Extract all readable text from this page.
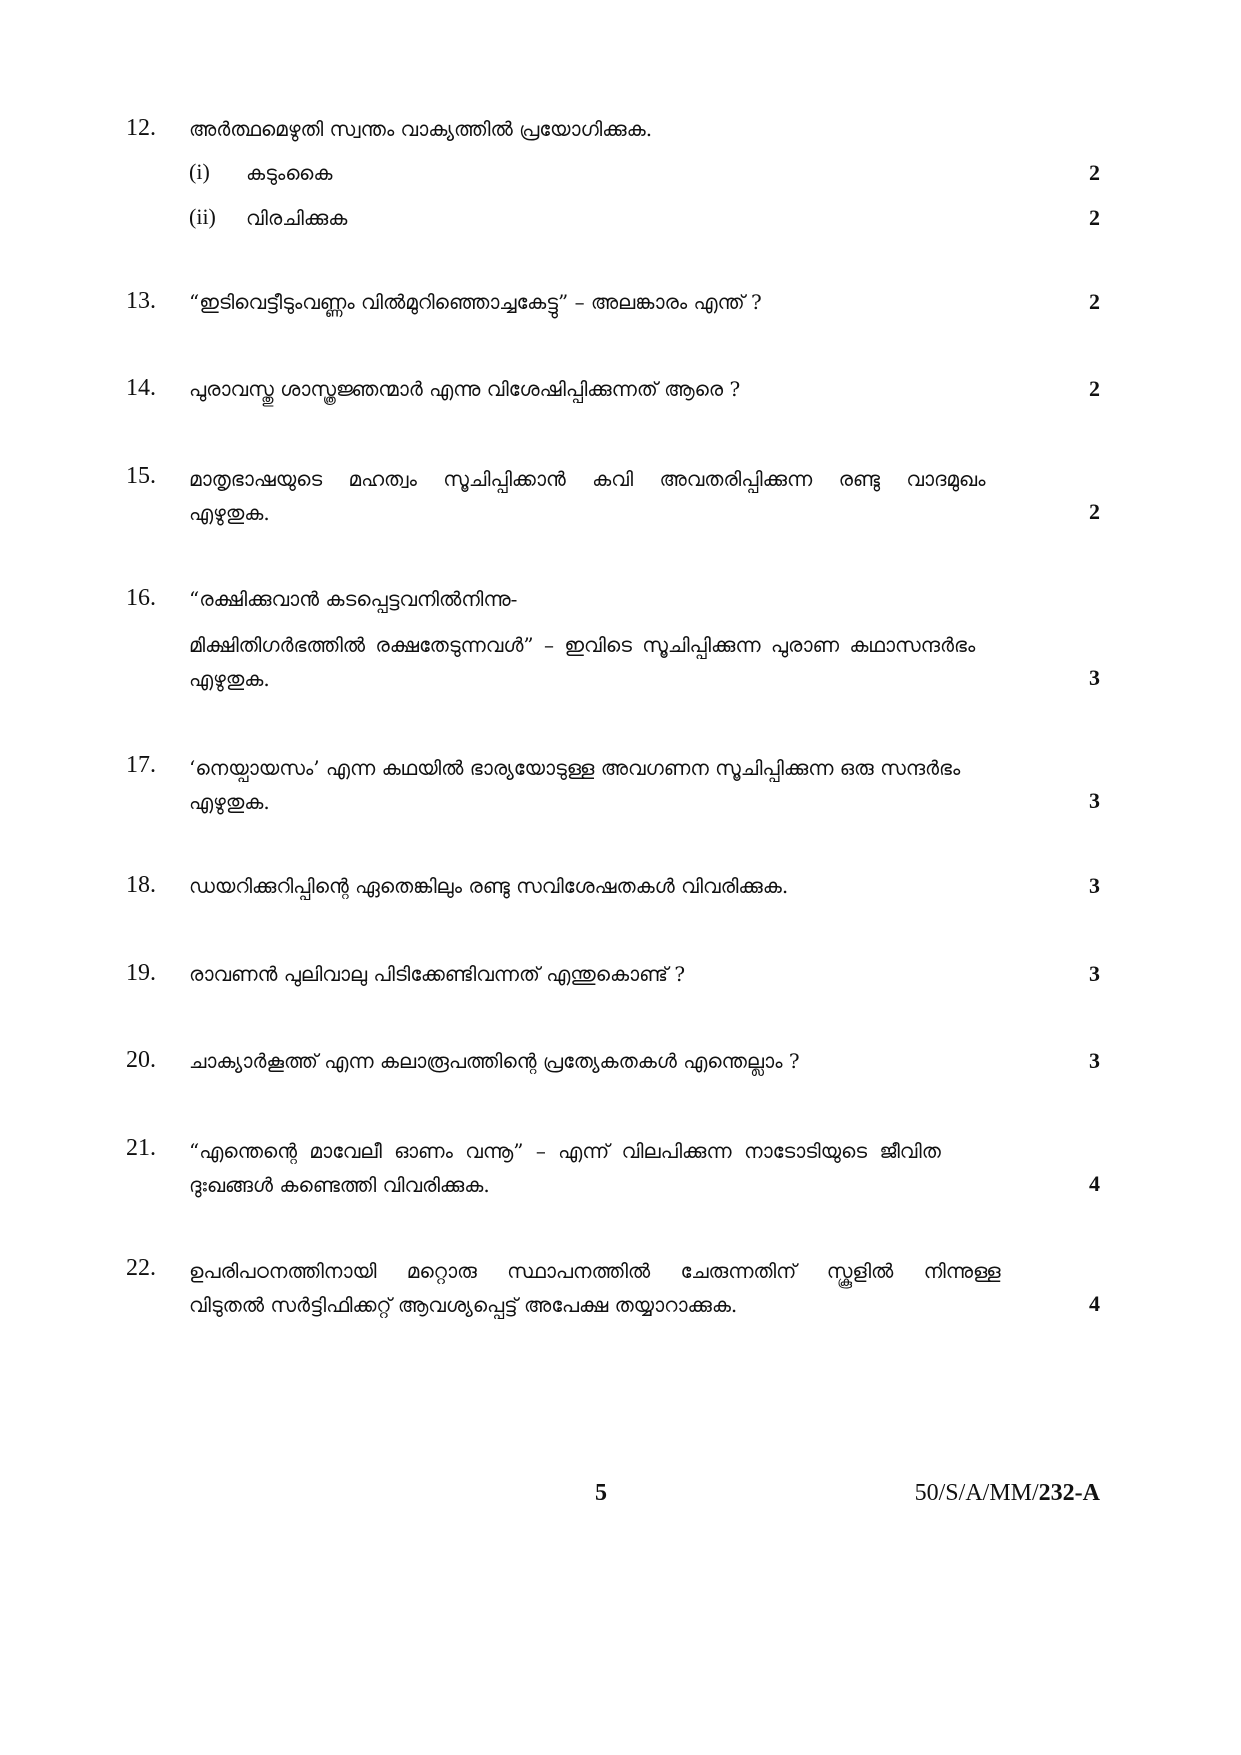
12. അർത്ഥമെഴുതി സ്വന്തം വാക്യത്തിൽ പ്രയോഗിക്കുക.
(i) കടുംകൈ	2
(ii) വിരചിക്കുക	2
13. “ഇടിവെട്ടീടുംവണ്ണം വിൽമുറിഞ്ഞൊച്ചകേട്ടു” – അലങ്കാരം എന്ത് ?	2
14. പുരാവസ്തു ശാസ്ത്രജ്ഞന്മാർ എന്നു വിശേഷിപ്പിക്കുന്നത് ആരെ ?	2
15. മാതൃഭാഷയുടെ മഹത്വം സൂചിപ്പിക്കാൻ കവി അവതരിപ്പിക്കുന്ന രണ്ടു വാദമുഖം
എഴുതുക.	2
16. “രക്ഷിക്കുവാൻ കടപ്പെട്ടവനിൽനിന്നു-
മിക്ഷിതിഗർഭത്തിൽ രക്ഷതേടുന്നവൾ” – ഇവിടെ സൂചിപ്പിക്കുന്ന പുരാണ കഥാസന്ദർഭം
എഴുതുക.	3
17. ‘നെയ്പായസം’ എന്ന കഥയിൽ ഭാര്യയോടുള്ള അവഗണന സൂചിപ്പിക്കുന്ന ഒരു സന്ദർഭം
എഴുതുക.	3
18. ഡയറിക്കുറിപ്പിന്റെ ഏതെങ്കിലും രണ്ടു സവിശേഷതകൾ വിവരിക്കുക.	3
19. രാവണൻ പുലിവാലു പിടിക്കേണ്ടിവന്നത് എന്തുകൊണ്ട് ?	3
20. ചാക്യാർകൂത്ത് എന്ന കലാരൂപത്തിന്റെ പ്രത്യേകതകൾ എന്തെല്ലാം ?	3
21. “എന്തെന്റെ മാവേലീ ഓണം വന്നൂ” – എന്ന് വിലപിക്കുന്ന നാടോടിയുടെ ജീവിത
ദുഃഖങ്ങൾ കണ്ടെത്തി വിവരിക്കുക.	4
22. ഉപരിപഠനത്തിനായി മറ്റൊരു സ്ഥാപനത്തിൽ ചേരുന്നതിന് സ്കൂളിൽ നിന്നുള്ള
വിടുതൽ സർട്ടിഫിക്കറ്റ് ആവശ്യപ്പെട്ട് അപേക്ഷ തയ്യാറാക്കുക.	4
5	50/S/A/MM/232-A
